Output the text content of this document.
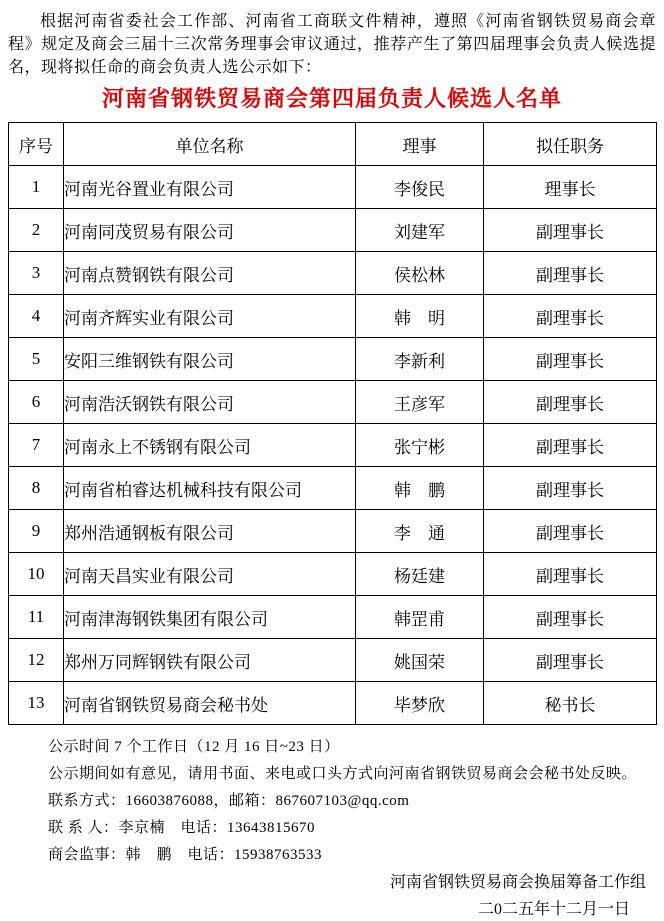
根据河南省委社会工作部、河南省工商联文件精神，遵照《河南省钢铁贸易商会章程》规定及商会三届十三次常务理事会审议通过，推荐产生了第四届理事会负责人候选提名，现将拟任命的商会负责人选公示如下：

河南省钢铁贸易商会第四届负责人候选人名单
序号	单位名称	理事	拟任职务
1	河南光谷置业有限公司	李俊民	理事长
2	河南同茂贸易有限公司	刘建军	副理事长
3	河南点赞钢铁有限公司	侯松林	副理事长
4	河南齐辉实业有限公司	韩　明	副理事长
5	安阳三维钢铁有限公司	李新利	副理事长
6	河南浩沃钢铁有限公司	王彦军	副理事长
7	河南永上不锈钢有限公司	张宁彬	副理事长
8	河南省柏睿达机械科技有限公司	韩　鹏	副理事长
9	郑州浩通钢板有限公司	李　通	副理事长
10	河南天昌实业有限公司	杨廷建	副理事长
11	河南津海钢铁集团有限公司	韩罡甫	副理事长
12	郑州万同辉钢铁有限公司	姚国荣	副理事长
13	河南省钢铁贸易商会秘书处	毕梦欣	秘书长

公示时间 7 个工作日（12 月 16 日~23 日）

公示期间如有意见，请用书面、来电或口头方式向河南省钢铁贸易商会会秘书处反映。

联系方式：16603876088，邮箱：867607103@qq.com

联 系 人：李京楠　电话：13643815670

商会监事：韩　鹏　电话：15938763533

河南省钢铁贸易商会换届筹备工作组

二0二五年十二月一日
